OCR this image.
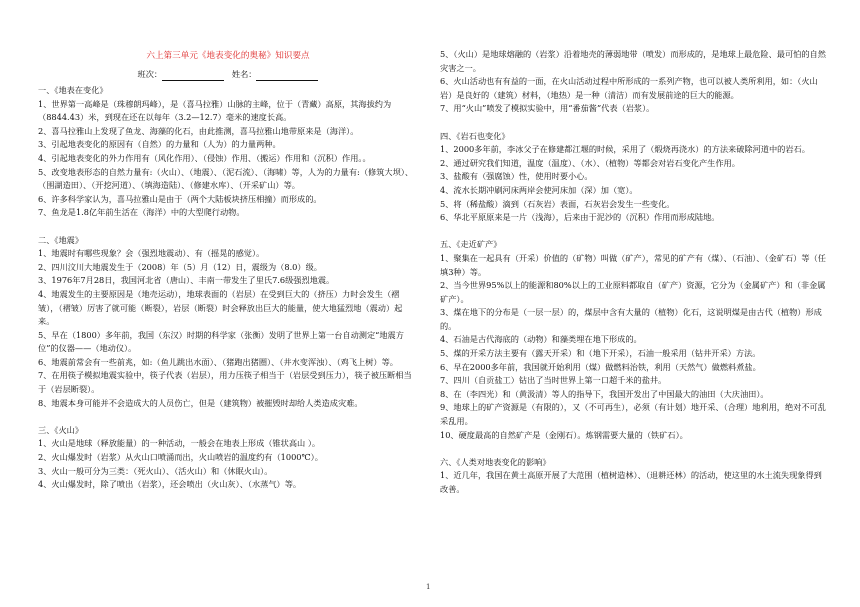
六上第三单元《地表变化的奥秘》知识要点
班次：	姓名：
一、《地表在变化》
1、世界第一高峰是（珠穆朗玛峰），是（喜马拉雅）山脉的主峰，位于（青藏）高原，其海拔约为（8844.43）米，到现在还在以每年（3.2—12.7）毫米的速度长高。
2、喜马拉雅山上发现了鱼龙、海藻的化石，由此推测，喜马拉雅山地带原来是（海洋）。
3、引起地表变化的原因有（自然）的力量和（人为）的力量两种。
4、引起地表变化的外力作用有（风化作用）、（侵蚀）作用、（搬运）作用和（沉积）作用。。
5、改变地表形态的自然力量有:（火山）、（地震）、（泥石流）、（海啸）等，人为的力量有:（修筑大坝）、（围湖造田）、（开挖河道）、（填海造陆）、（修建水库）、（开采矿山）等。
6、许多科学家认为，喜马拉雅山是由于（两个大陆板块挤压相撞）而形成的。
7、鱼龙是1.8亿年前生活在（海洋）中的大型爬行动物。
二、《地震》
1、地震时有哪些现象？会（强烈地震动）、有（摇晃的感觉）。
2、四川汶川大地震发生于（2008）年（5）月（12）日，震级为（8.0）级。
3、1976年7月28日，我国河北省（唐山）、丰南一带发生了里氏7.6级强烈地震。
4、地震发生的主要原因是（地壳运动），地球表面的（岩层）在受到巨大的（挤压）力时会发生（褶皱），（褶皱）厉害了就可能（断裂），岩层（断裂）时会释放出巨大的能量，使大地猛烈地（震动）起来。
5、早在（1800）多年前，我国（东汉）时期的科学家（张衡）发明了世界上第一台自动测定“地震方位”的仪器——（地动仪）。
6、地震前常会有一些前兆，如:（鱼儿跳出水面）、（猪跑出猪圈）、（井水变浑浊）、（鸡飞上树）等。
7、在用筷子模拟地震实验中，筷子代表（岩层），用力压筷子相当于（岩层受到压力），筷子被压断相当于（岩层断裂）。
8、地震本身可能并不会造成大的人员伤亡，但是（建筑物）被摧毁时却给人类造成灾难。
三、《火山》
1、火山是地球（释放能量）的一种活动，一般会在地表上形成（锥状高山 ）。
2、火山爆发时（岩浆）从火山口喷涌而出，火山喷岩的温度约有（1000℃）。
3、火山一般可分为三类：（死火山）、（活火山）和（休眠火山）。
4、火山爆发时，除了喷出（岩浆），还会喷出（火山灰）、（水蒸气）等。
5、（火山）是地球熔融的（岩浆）沿着地壳的薄弱地带（喷发）而形成的，是地球上最危险、最可怕的自然灾害之一。
6、火山活动也有有益的一面，在火山活动过程中所形成的一系列产物，也可以被人类所利用，如：（火山岩）是良好的（建筑）材料，（地热）是一种（清洁）而有发展前途的巨大的能源。
7、用“火山”喷发了模拟实验中，用“番茄酱”代表（岩浆）。
四、《岩石也变化》
1、2000多年前，李冰父子在修建都江堰的时候，采用了（煅烧再浇水）的方法来破除河道中的岩石。
2、通过研究我们知道，温度（温度）、（水）、（植物）等都会对岩石变化产生作用。
3、盐酸有（强腐蚀）性，使用时要小心。
4、流水长期冲刷河床两岸会使河床加（深）加（宽）。
5、将（稀盐酸）滴到（石灰岩）表面，石灰岩会发生一些变化。
6、华北平原原来是一片（浅海），后来由于泥沙的（沉积）作用而形成陆地。
五、《走近矿产》
1、聚集在一起具有（开采）价值的（矿物）叫做（矿产），常见的矿产有（煤）、（石油）、（金矿石）等（任填3种）等。
2、当今世界95%以上的能源和80%以上的工业原料都取自（矿产）资源，它分为（金属矿产）和（非金属矿产）。
3、煤在地下的分布是（一层一层）的，煤层中含有大量的（植物）化石，这说明煤是由古代（植物）形成的。
4、石油是古代海底的（动物）和藻类埋在地下形成的。
5、煤的开采方法主要有（露天开采）和（地下开采），石油一般采用（钻井开采）方法。
6、早在2000多年前，我国就开始利用（煤）做燃料治铁，利用（天然气）做燃料煮盐。
7、四川（自贡盐工）钻出了当时世界上第一口超千米的盐井。
8、在（李四光）和（黄汲清）等人的指导下，我国开发出了中国最大的油田（大庆油田）。
9、地球上的矿产资源是（有限的），又（不可再生），必须（有计划）地开采、（合理）地利用，绝对不可乱采乱用。
10、硬度最高的自然矿产是（金刚石）。炼钢需要大量的（铁矿石）。
六、《人类对地表变化的影响》
1、近几年，我国在黄土高原开展了大范围（植树造林）、（退耕还林）的活动，使这里的水土流失现象得到改善。
1
